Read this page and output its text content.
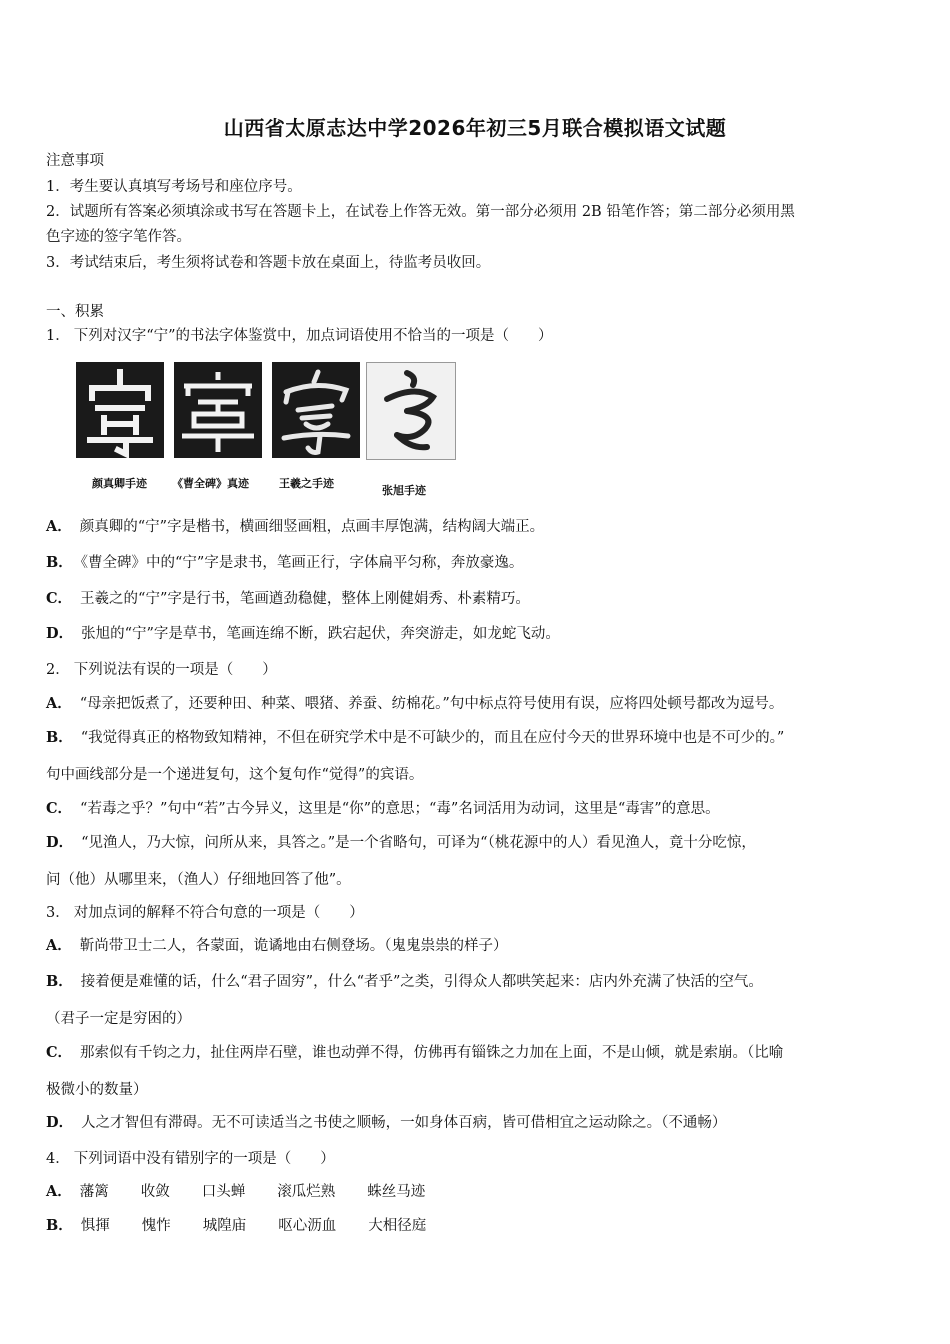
山西省太原志达中学2026年初三5月联合模拟语文试题
注意事项
1．考生要认真填写考场号和座位序号。
2．试题所有答案必须填涂或书写在答题卡上，在试卷上作答无效。第一部分必须用 2B 铅笔作答；第二部分必须用黑
色字迹的签字笔作答。
3．考试结束后，考生须将试卷和答题卡放在桌面上，待监考员收回。
一、积累
1． 下列对汉字“宁”的书法字体鉴赏中，加点词语使用不恰当的一项是（　　）
颜真卿手迹 《曹全碑》真迹	王羲之手迹
张旭手迹
A． 颜真卿的“宁”字是楷书，横画细竖画粗，点画丰厚饱满，结构阔大端正。
B． 《曹全碑》中的“宁”字是隶书，笔画正行，字体扁平匀称，奔放豪逸。
C． 王羲之的“宁”字是行书，笔画遒劲稳健，整体上刚健娟秀、朴素精巧。
D． 张旭的“宁”字是草书，笔画连绵不断，跌宕起伏，奔突游走，如龙蛇飞动。
2． 下列说法有误的一项是（　　）
A． “母亲把饭煮了，还要种田、种菜、喂猪、养蚕、纺棉花。”句中标点符号使用有误，应将四处顿号都改为逗号。
B． “我觉得真正的格物致知精神，不但在研究学术中是不可缺少的，而且在应付今天的世界环境中也是不可少的。”
句中画线部分是一个递进复句，这个复句作“觉得”的宾语。
C． “若毒之乎？”句中“若”古今异义，这里是“你”的意思；“毒”名词活用为动词，这里是“毒害”的意思。
D． “见渔人，乃大惊，问所从来，具答之。”是一个省略句，可译为“（桃花源中的人）看见渔人，竟十分吃惊，
问（他）从哪里来，（渔人）仔细地回答了他”。
3． 对加点词的解释不符合句意的一项是（　　）
A． 靳尚带卫士二人，各蒙面，诡谲地由右侧登场。（鬼鬼祟祟的样子）
B． 接着便是难懂的话，什么“君子固穷”，什么“者乎”之类，引得众人都哄笑起来：店内外充满了快活的空气。
（君子一定是穷困的）
C． 那索似有千钧之力，扯住两岸石壁，谁也动弹不得，仿佛再有锱铢之力加在上面，不是山倾，就是索崩。（比喻
极微小的数量）
D． 人之才智但有滞碍。无不可读适当之书使之顺畅，一如身体百病，皆可借相宜之运动除之。（不通畅）
4． 下列词语中没有错别字的一项是（　　）
A． 藩篱 收敛 口头蝉 滚瓜烂熟 蛛丝马迹
B． 惧揮 愧怍 城隍庙 呕心沥血 大相径庭
